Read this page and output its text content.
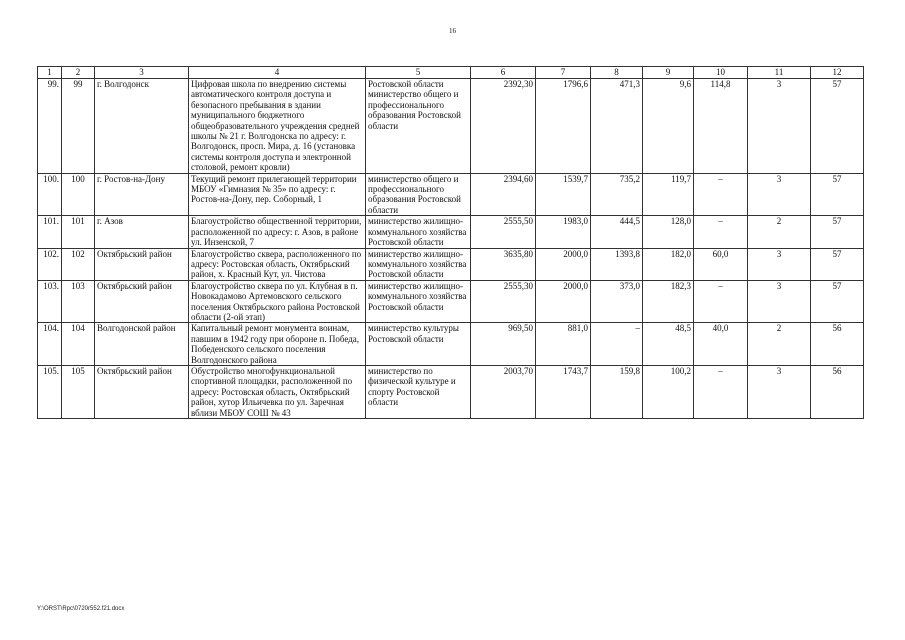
16
1	2	3	4	5	6	7	8	9	10	11	12
99.	99	г. Волгодонск	Цифровая школа по внедрению системы автоматического контроля доступа и безопасного пребывания в здании муниципального бюджетного общеобразовательного учреждения средней школы № 21 г. Волгодонска по адресу: г. Волгодонск, просп. Мира, д. 16 (установка системы контроля доступа и электронной столовой, ремонт кровли)	Ростовской области министерство общего и профессионального образования Ростовской области	2392,30	1796,6	471,3	9,6	114,8	3	57
100.	100	г. Ростов-на-Дону	Текущий ремонт прилегающей территории МБОУ «Гимназия № 35» по адресу: г. Ростов-на-Дону, пер. Соборный, 1	министерство общего и профессионального образования Ростовской области	2394,60	1539,7	735,2	119,7	–	3	57
101.	101	г. Азов	Благоустройство общественной территории, расположенной по адресу: г. Азов, в районе ул. Инзенской, 7	министерство жилищно-коммунального хозяйства Ростовской области	2555,50	1983,0	444,5	128,0	–	2	57
102.	102	Октябрьский район	Благоустройство сквера, расположенного по адресу: Ростовская область, Октябрьский район, х. Красный Кут, ул. Чистова	министерство жилищно-коммунального хозяйства Ростовской области	3635,80	2000,0	1393,8	182,0	60,0	3	57
103.	103	Октябрьский район	Благоустройство сквера по ул. Клубная в п. Новокадамово Артемовского сельского поселения Октябрьского района Ростовской области (2-ой этап)	министерство жилищно-коммунального хозяйства Ростовской области	2555,30	2000,0	373,0	182,3	–	3	57
104.	104	Волгодонской район	Капитальный ремонт монумента воинам, павшим в 1942 году при обороне п. Победа, Победенского сельского поселения Волгодонского района	министерство культуры Ростовской области	969,50	881,0	–	48,5	40,0	2	56
105.	105	Октябрьский район	Обустройство многофункциональной спортивной площадки, расположенной по адресу: Ростовская область, Октябрьский район, хутор Ильичевка по ул. Заречная вблизи МБОУ СОШ № 43	министерство по физической культуре и спорту Ростовской области	2003,70	1743,7	159,8	100,2	–	3	56
Y:\ORST\Rpc\0720r552.f21.docx
